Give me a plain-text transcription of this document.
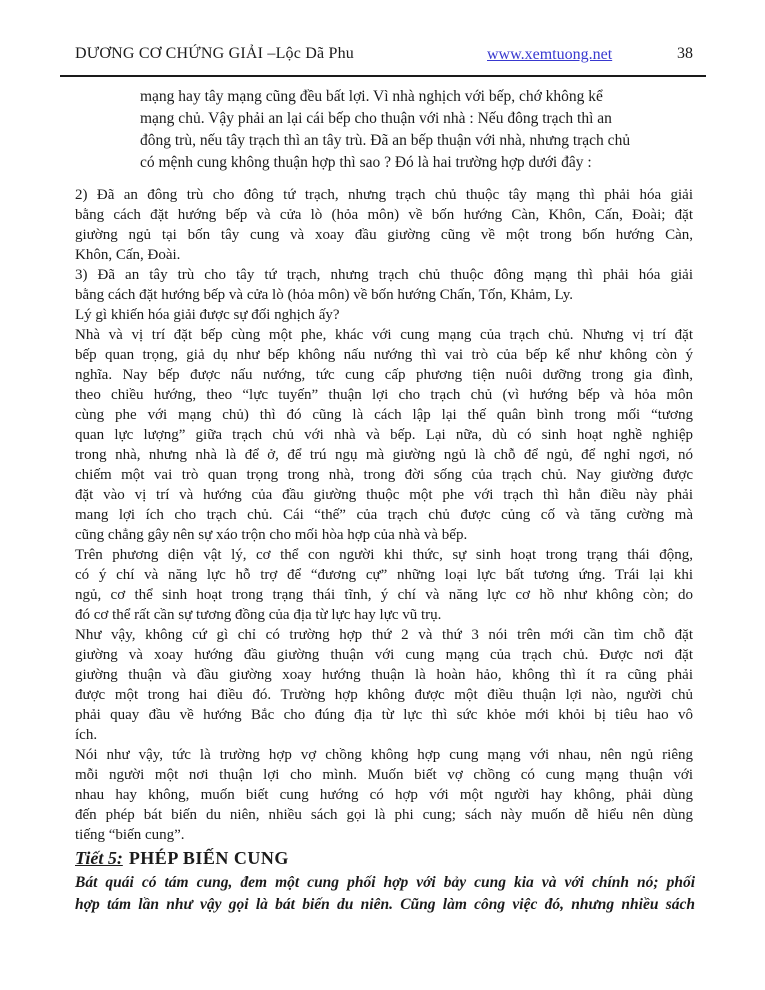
DƯƠNG CƠ CHỨNG GIẢI –Lộc Dã Phu	www.xemtuong.net	38
mạng hay tây mạng cũng đều bất lợi. Vì nhà nghịch với bếp, chớ không kể
mạng chủ. Vậy phải an lại cái bếp cho thuận với nhà : Nếu đông trạch thì an
đông trù, nếu tây trạch thì an tây trù. Đã an bếp thuận với nhà, nhưng trạch chủ
có mệnh cung không thuận hợp thì sao ? Đó là hai trường hợp dưới đây :
2) Đã an đông trù cho đông tứ trạch, nhưng trạch chủ thuộc tây mạng thì phải hóa giải
bằng cách đặt hướng bếp và cửa lò (hỏa môn) về bốn hướng Càn, Khôn, Cấn, Đoài; đặt
giường ngủ tại bốn tây cung và xoay đầu giường cũng về một trong bốn hướng Càn,
Khôn, Cấn, Đoài.
3) Đã an tây trù cho tây tứ trạch, nhưng trạch chủ thuộc đông mạng thì phải hóa giải
bằng cách đặt hướng bếp và cửa lò (hỏa môn) về bốn hướng Chấn, Tốn, Khảm, Ly.
Lý gì khiến hóa giải được sự đối nghịch ấy?
Nhà và vị trí đặt bếp cùng một phe, khác với cung mạng của trạch chủ. Nhưng vị trí đặt
bếp quan trọng, giả dụ như bếp không nấu nướng thì vai trò của bếp kể như không còn ý
nghĩa. Nay bếp được nấu nướng, tức cung cấp phương tiện nuôi dưỡng trong gia đình,
theo chiều hướng, theo “lực tuyến” thuận lợi cho trạch chủ (vì hướng bếp và hỏa môn
cùng phe với mạng chủ) thì đó cũng là cách lập lại thế quân bình trong mối “tương
quan lực lượng” giữa trạch chủ với nhà và bếp. Lại nữa, dù có sinh hoạt nghề nghiệp
trong nhà, nhưng nhà là để ở, để trú ngụ mà giường ngủ là chỗ để ngủ, để nghỉ ngơi, nó
chiếm một vai trò quan trọng trong nhà, trong đời sống của trạch chủ. Nay giường được
đặt vào vị trí và hướng của đầu giường thuộc một phe với trạch thì hẳn điều này phải
mang lợi ích cho trạch chủ. Cái “thế” của trạch chủ được củng cố và tăng cường mà
cũng chẳng gây nên sự xáo trộn cho mối hòa hợp của nhà và bếp.
Trên phương diện vật lý, cơ thể con người khi thức, sự sinh hoạt trong trạng thái động,
có ý chí và năng lực hỗ trợ để “đương cự” những loại lực bất tương ứng. Trái lại khi
ngủ, cơ thể sinh hoạt trong trạng thái tĩnh, ý chí và năng lực cơ hồ như không còn; do
đó cơ thể rất cần sự tương đồng của địa từ lực hay lực vũ trụ.
Như vậy, không cứ gì chỉ có trường hợp thứ 2 và thứ 3 nói trên mới cần tìm chỗ đặt
giường và xoay hướng đầu giường thuận với cung mạng của trạch chủ. Được nơi đặt
giường thuận và đầu giường xoay hướng thuận là hoàn hảo, không thì ít ra cũng phải
được một trong hai điều đó. Trường hợp không được một điều thuận lợi nào, người chủ
phải quay đầu về hướng Bắc cho đúng địa từ lực thì sức khỏe mới khỏi bị tiêu hao vô
ích.
Nói như vậy, tức là trường hợp vợ chồng không hợp cung mạng với nhau, nên ngủ riêng
mỗi người một nơi thuận lợi cho mình. Muốn biết vợ chồng có cung mạng thuận với
nhau hay không, muốn biết cung hướng có hợp với một người hay không, phải dùng
đến phép bát biến du niên, nhiều sách gọi là phi cung; sách này muốn dễ hiểu nên dùng
tiếng “biến cung”.
Tiết 5: PHÉP BIẾN CUNG
Bát quái có tám cung, đem một cung phối hợp với bảy cung kia và với chính nó; phối
hợp tám lần như vậy gọi là bát biến du niên. Cũng làm công việc đó, nhưng nhiều sách
